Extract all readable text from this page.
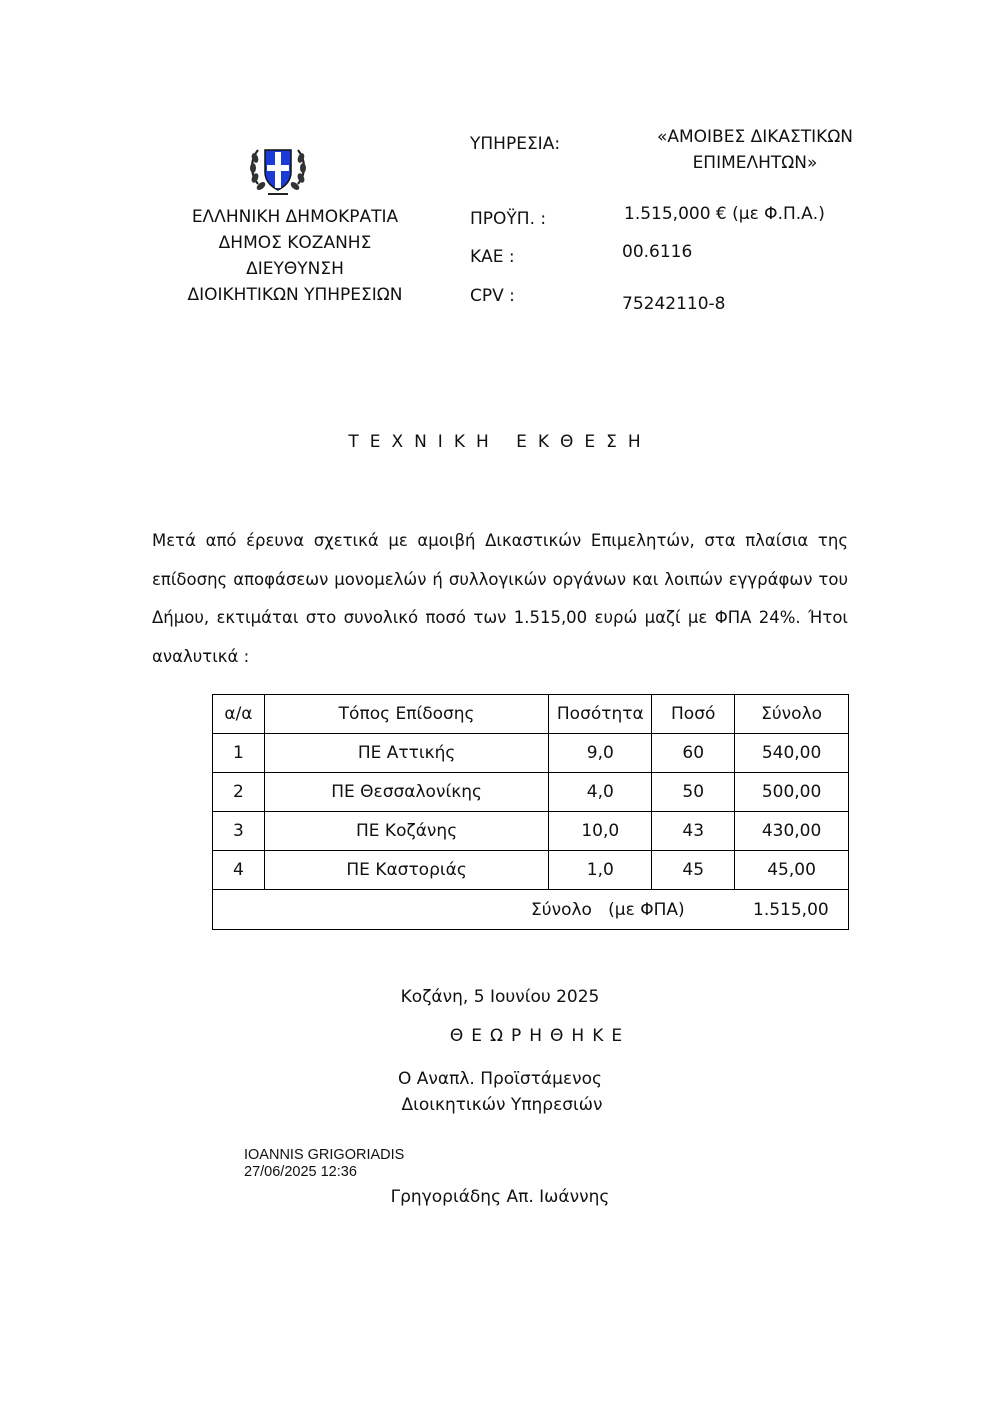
ΕΛΛΗΝΙΚΗ ΔΗΜΟΚΡΑΤΙΑ
ΔΗΜΟΣ ΚΟΖΑΝΗΣ
ΔΙΕΥΘΥΝΣΗ
ΔΙΟΙΚΗΤΙΚΩΝ ΥΠΗΡΕΣΙΩΝ
ΥΠΗΡΕΣΙΑ:	«ΑΜΟΙΒΕΣ ΔΙΚΑΣΤΙΚΩΝ
ΕΠΙΜΕΛΗΤΩΝ»
ΠΡΟΫΠ. :	1.515,000 € (με Φ.Π.Α.)
ΚΑΕ :	00.6116
CPV :	75242110-8
ΤΕΧΝΙΚΗ ΕΚΘΕΣΗ
Μετά από έρευνα σχετικά με αμοιβή Δικαστικών Επιμελητών, στα πλαίσια της επίδοσης αποφάσεων μονομελών ή συλλογικών οργάνων και λοιπών εγγράφων του Δήμου, εκτιμάται στο συνολικό ποσό των 1.515,00 ευρώ μαζί με ΦΠΑ 24%. Ήτοι αναλυτικά :
α/α	Τόπος Επίδοσης	Ποσότητα	Ποσό	Σύνολο
1	ΠΕ Αττικής	9,0	60	540,00
2	ΠΕ Θεσσαλονίκης	4,0	50	500,00
3	ΠΕ Κοζάνης	10,0	43	430,00
4	ΠΕ Καστοριάς	1,0	45	45,00

Σύνολο   (με ΦΠΑ) 1.515,00				
Κοζάνη, 5 Ιουνίου 2025
ΘΕΩΡΗΘΗΚΕ
Ο Αναπλ. Προϊστάμενος
Διοικητικών Υπηρεσιών
IOANNIS GRIGORIADIS
27/06/2025 12:36
Γρηγοριάδης Απ. Ιωάννης
